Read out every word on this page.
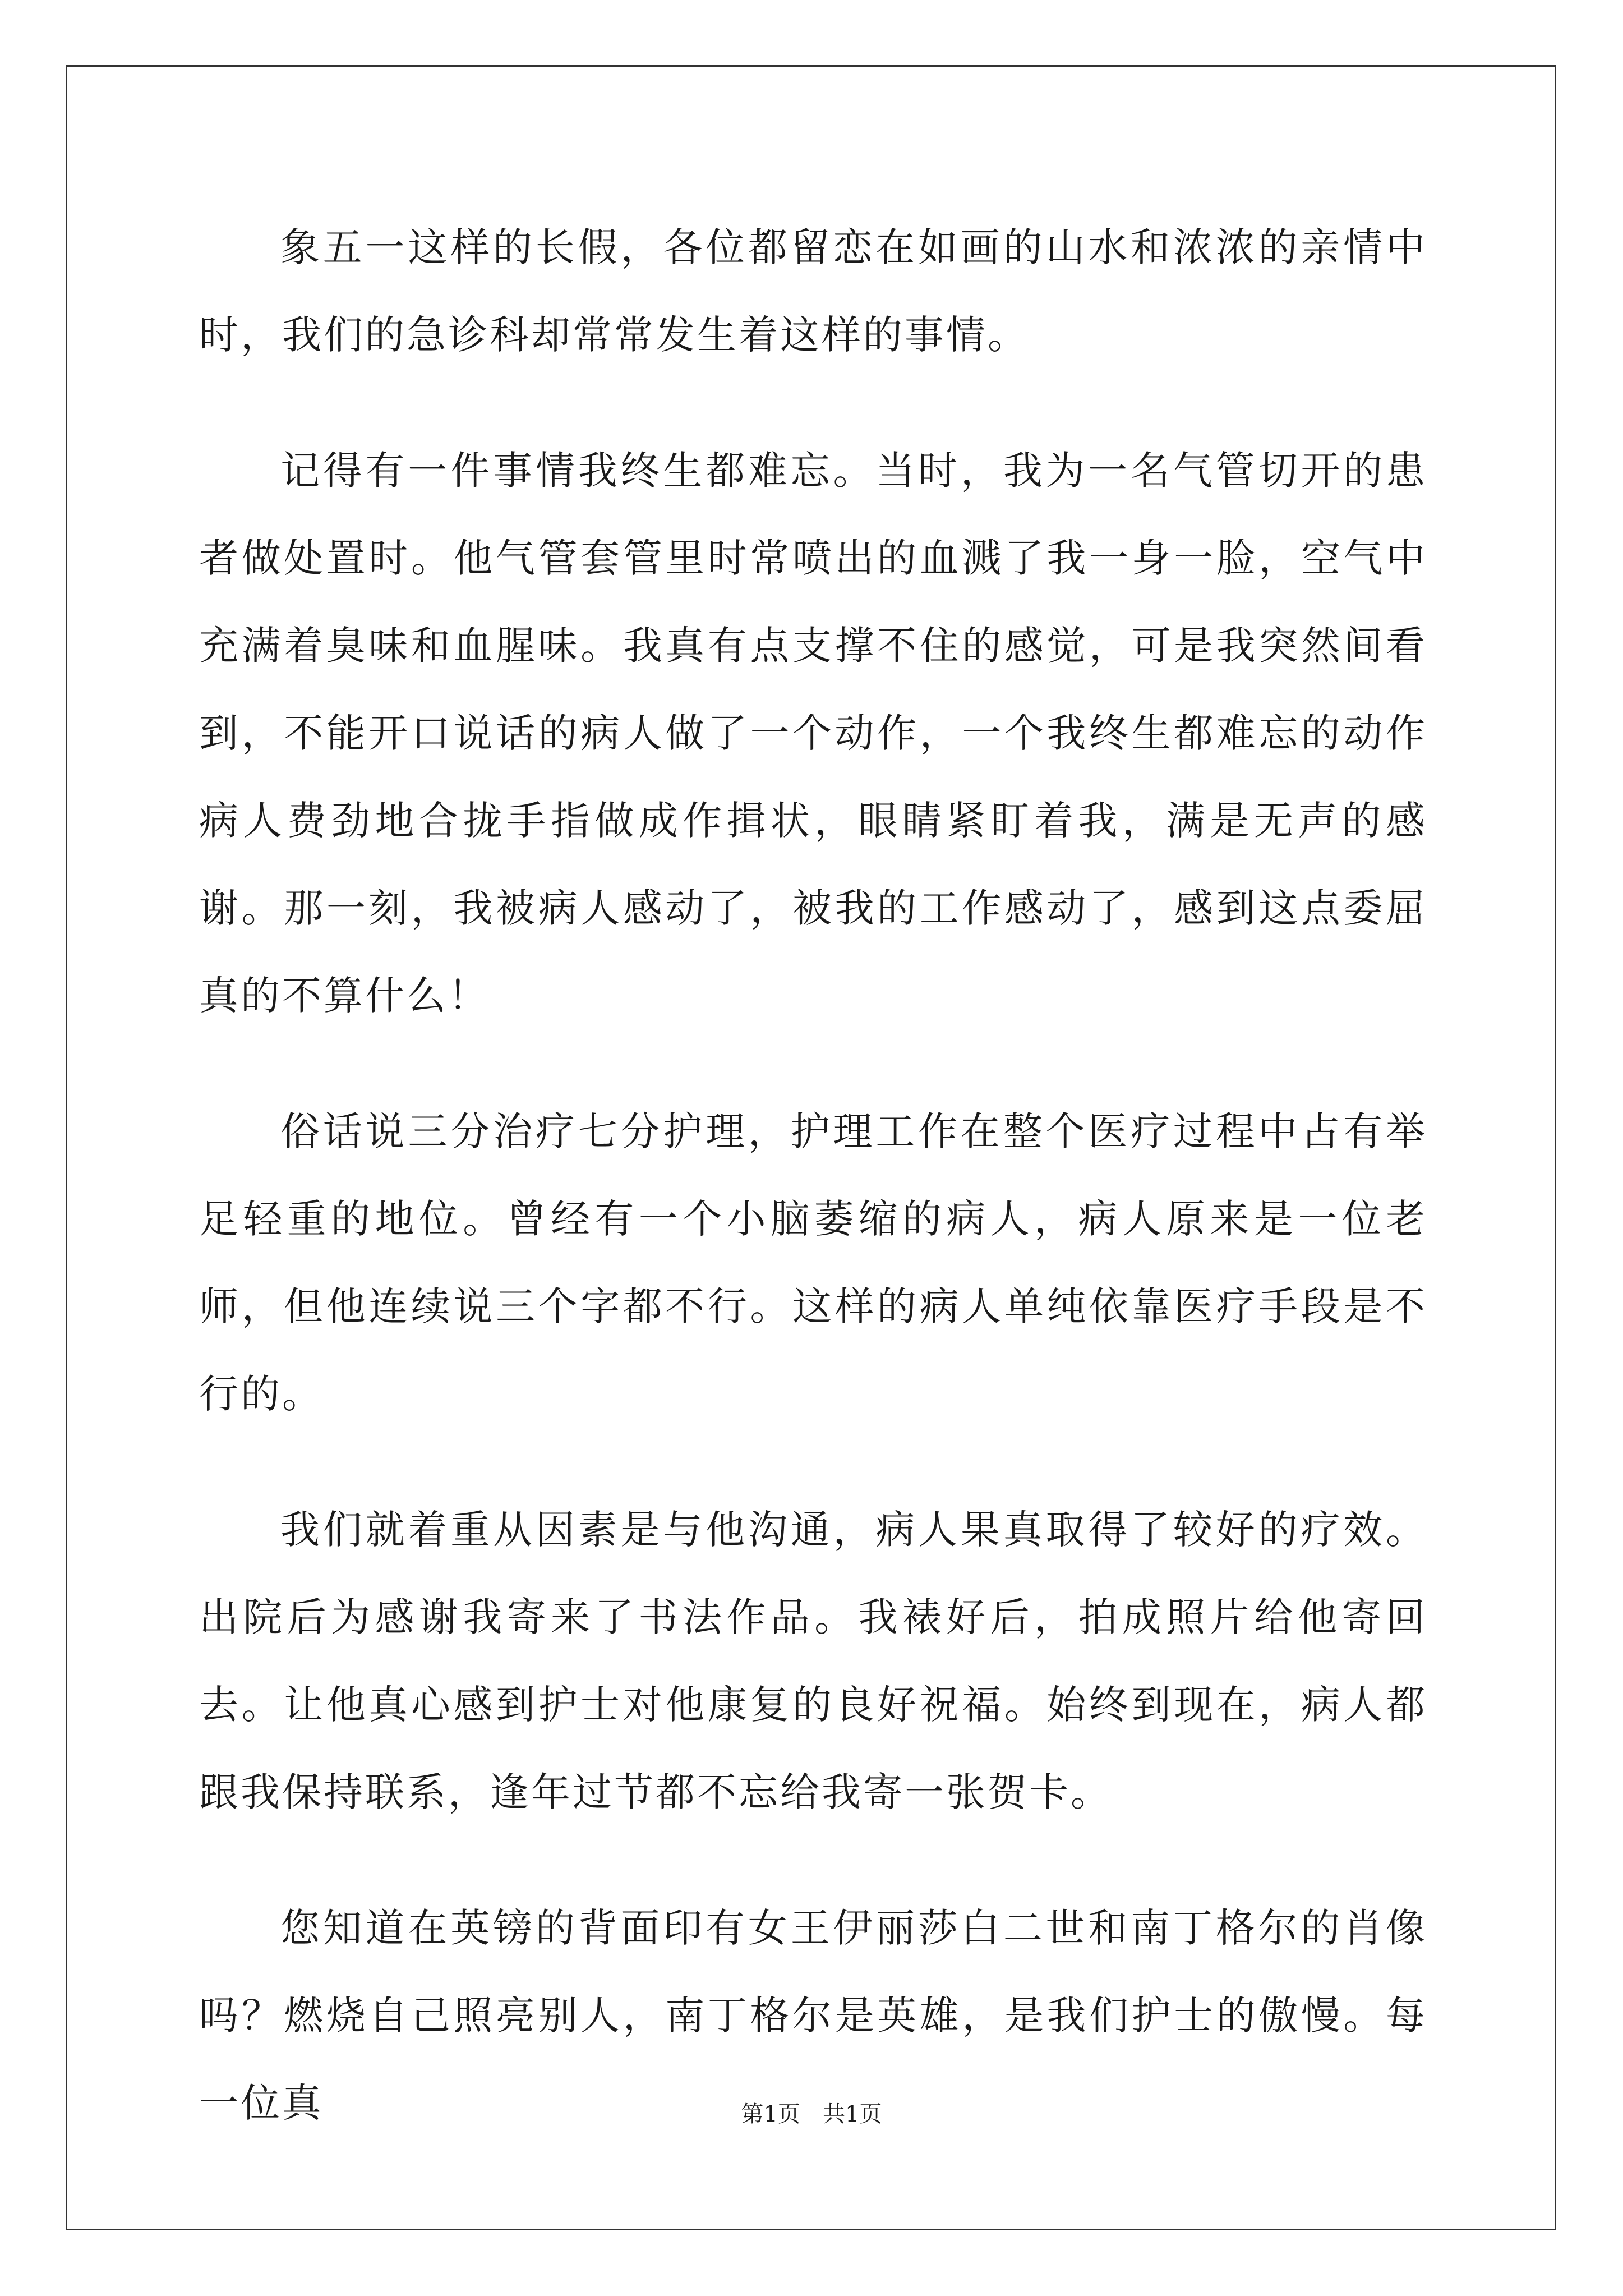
象五一这样的长假，各位都留恋在如画的山水和浓浓的亲情中时，我们的急诊科却常常发生着这样的事情。

记得有一件事情我终生都难忘。当时，我为一名气管切开的患者做处置时。他气管套管里时常喷出的血溅了我一身一脸，空气中充满着臭味和血腥味。我真有点支撑不住的感觉，可是我突然间看到，不能开口说话的病人做了一个动作，一个我终生都难忘的动作病人费劲地合拢手指做成作揖状，眼睛紧盯着我，满是无声的感谢。那一刻，我被病人感动了，被我的工作感动了，感到这点委屈真的不算什么！

俗话说三分治疗七分护理，护理工作在整个医疗过程中占有举足轻重的地位。曾经有一个小脑萎缩的病人，病人原来是一位老师，但他连续说三个字都不行。这样的病人单纯依靠医疗手段是不行的。

我们就着重从因素是与他沟通，病人果真取得了较好的疗效。出院后为感谢我寄来了书法作品。我裱好后，拍成照片给他寄回去。让他真心感到护士对他康复的良好祝福。始终到现在，病人都跟我保持联系，逢年过节都不忘给我寄一张贺卡。

您知道在英镑的背面印有女王伊丽莎白二世和南丁格尔的肖像吗？燃烧自己照亮别人，南丁格尔是英雄，是我们护士的傲慢。每一位真	第1页　共1页
